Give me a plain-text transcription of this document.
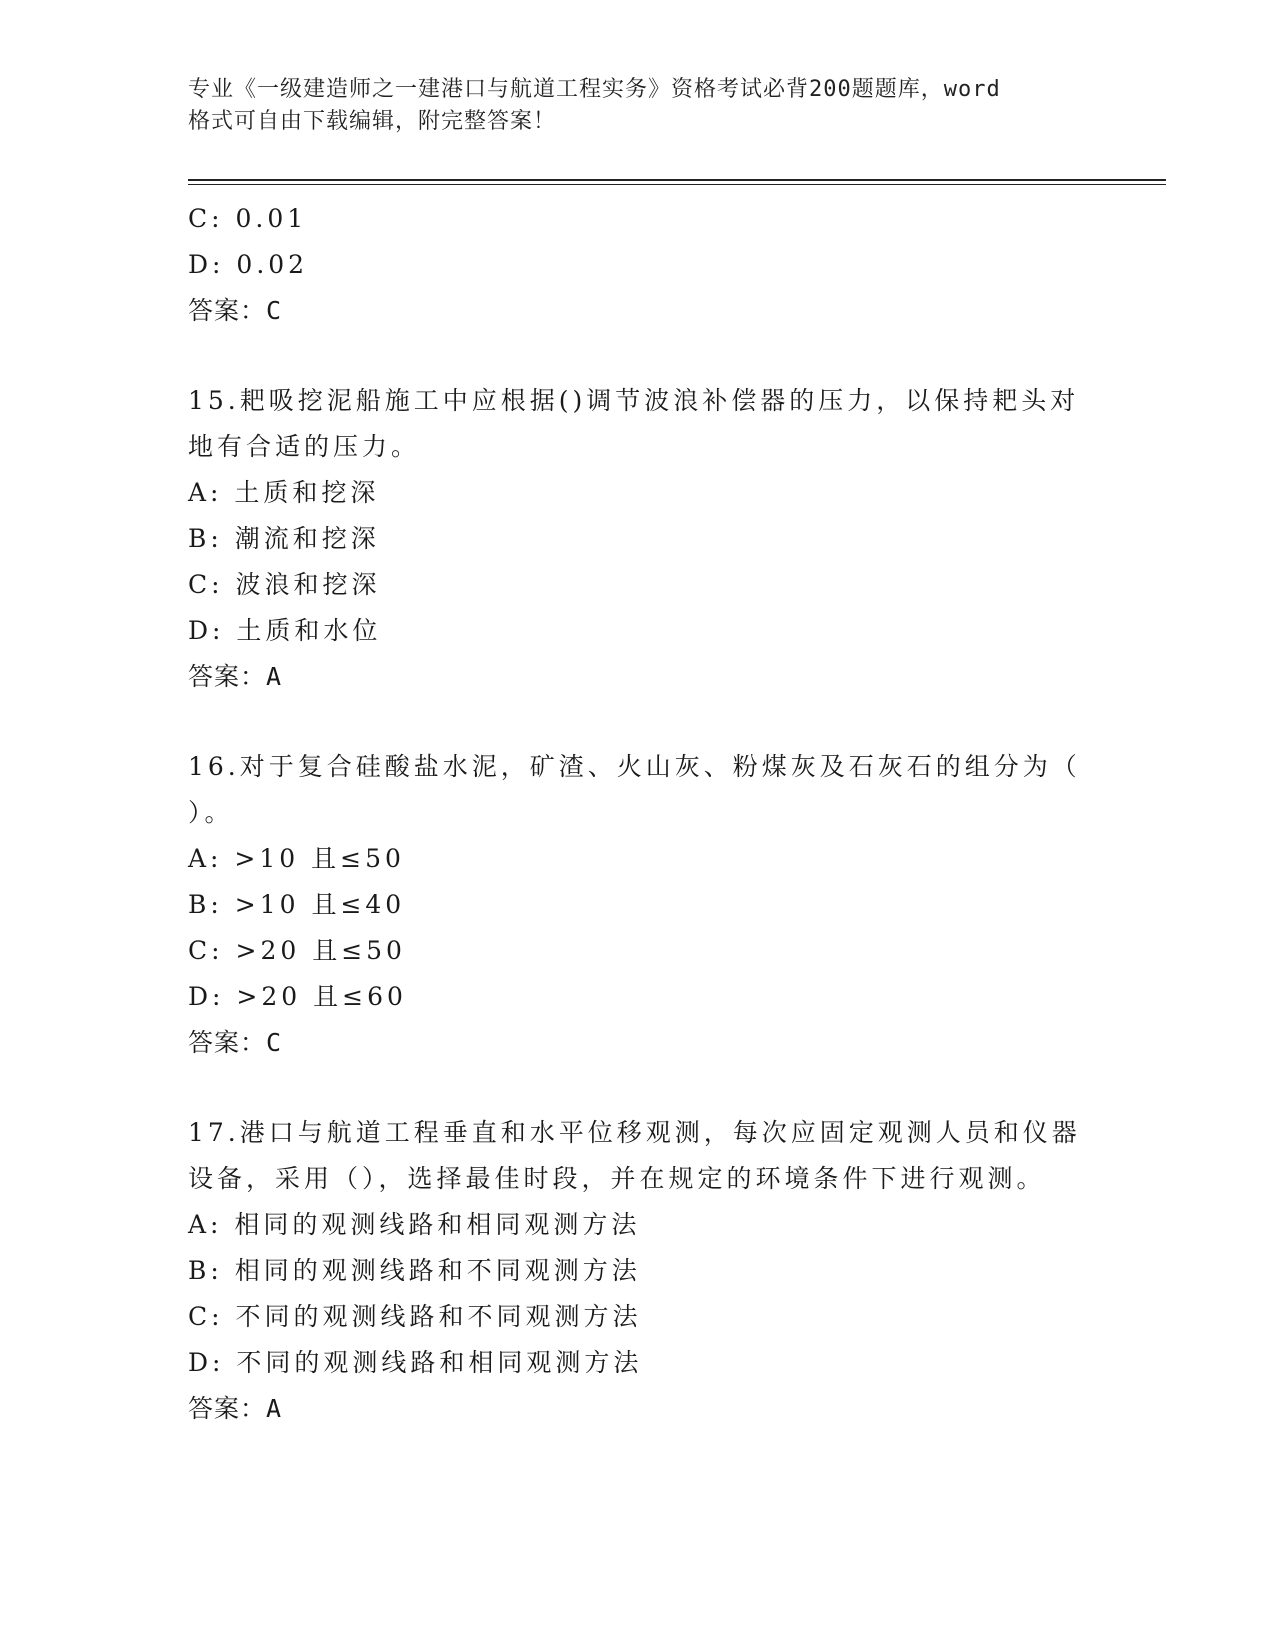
专业《一级建造师之一建港口与航道工程实务》资格考试必背200题题库，word
格式可自由下载编辑，附完整答案！
C: 0.01
D: 0.02
答案：C
15.耙吸挖泥船施工中应根据()调节波浪补偿器的压力，以保持耙头对
地有合适的压力。
A: 土质和挖深
B: 潮流和挖深
C: 波浪和挖深
D: 土质和水位
答案：A
16.对于复合硅酸盐水泥，矿渣、火山灰、粉煤灰及石灰石的组分为（
）。
A: >10 且≤50
B: >10 且≤40
C: >20 且≤50
D: >20 且≤60
答案：C
17.港口与航道工程垂直和水平位移观测，每次应固定观测人员和仪器
设备，采用（），选择最佳时段，并在规定的环境条件下进行观测。
A: 相同的观测线路和相同观测方法
B: 相同的观测线路和不同观测方法
C: 不同的观测线路和不同观测方法
D: 不同的观测线路和相同观测方法
答案：A
